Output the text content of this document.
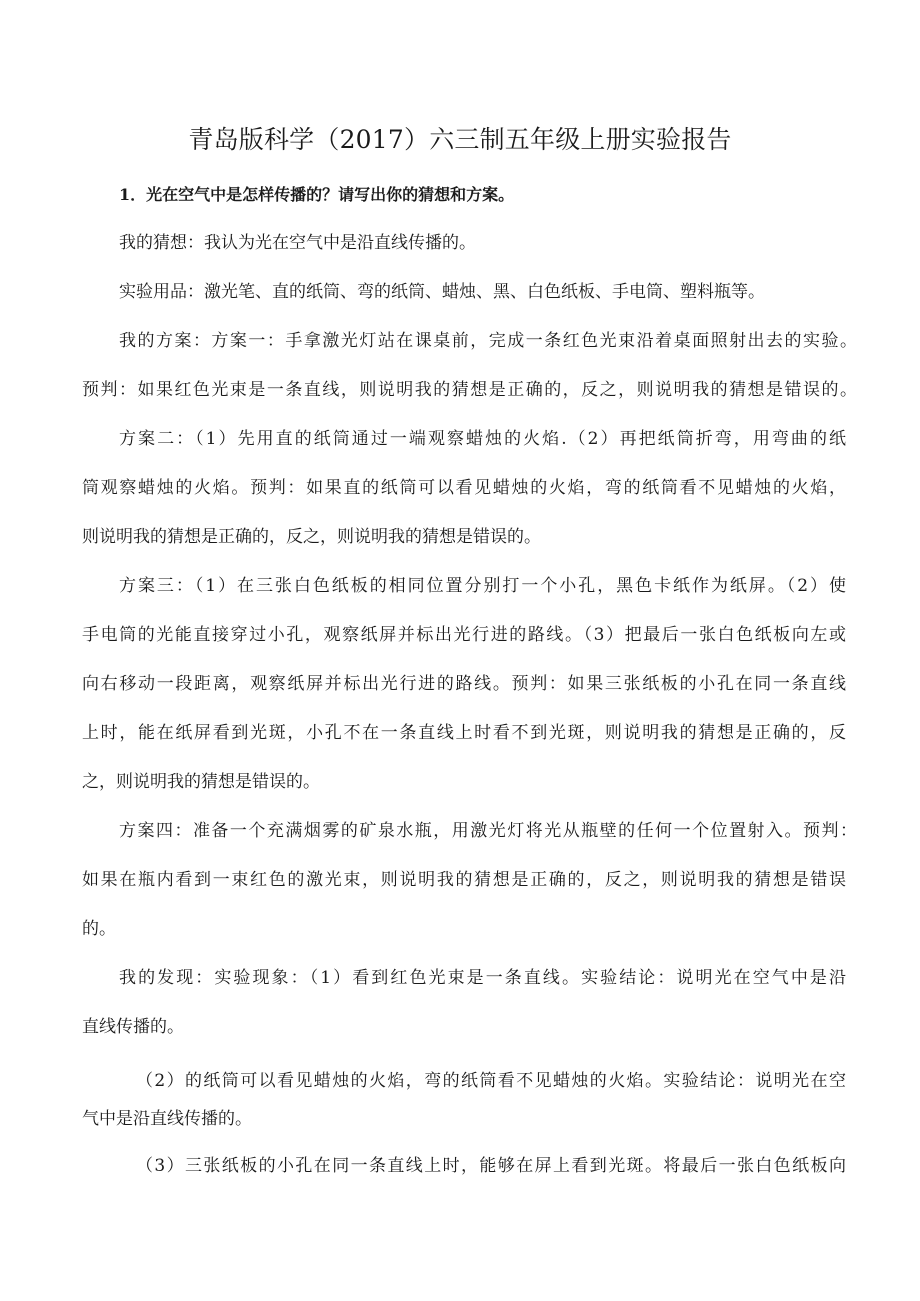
青岛版科学（2017）六三制五年级上册实验报告
1．光在空气中是怎样传播的？请写出你的猜想和方案。
我的猜想：我认为光在空气中是沿直线传播的。
实验用品：激光笔、直的纸筒、弯的纸筒、蜡烛、黑、白色纸板、手电筒、塑料瓶等。
我的方案：方案一：手拿激光灯站在课桌前，完成一条红色光束沿着桌面照射出去的实验。
预判：如果红色光束是一条直线，则说明我的猜想是正确的，反之，则说明我的猜想是错误的。
方案二：（1）先用直的纸筒通过一端观察蜡烛的火焰.（2）再把纸筒折弯，用弯曲的纸
筒观察蜡烛的火焰。预判：如果直的纸筒可以看见蜡烛的火焰，弯的纸筒看不见蜡烛的火焰，
则说明我的猜想是正确的，反之，则说明我的猜想是错误的。
方案三：（1）在三张白色纸板的相同位置分别打一个小孔，黑色卡纸作为纸屏。（2）使
手电筒的光能直接穿过小孔，观察纸屏并标出光行进的路线。（3）把最后一张白色纸板向左或
向右移动一段距离，观察纸屏并标出光行进的路线。预判：如果三张纸板的小孔在同一条直线
上时，能在纸屏看到光斑，小孔不在一条直线上时看不到光斑，则说明我的猜想是正确的，反
之，则说明我的猜想是错误的。
方案四：准备一个充满烟雾的矿泉水瓶，用激光灯将光从瓶壁的任何一个位置射入。预判：
如果在瓶内看到一束红色的激光束，则说明我的猜想是正确的，反之，则说明我的猜想是错误
的。
我的发现：实验现象：（1）看到红色光束是一条直线。实验结论：说明光在空气中是沿
直线传播的。
（2）的纸筒可以看见蜡烛的火焰，弯的纸筒看不见蜡烛的火焰。实验结论：说明光在空
气中是沿直线传播的。
（3）三张纸板的小孔在同一条直线上时，能够在屏上看到光斑。将最后一张白色纸板向
